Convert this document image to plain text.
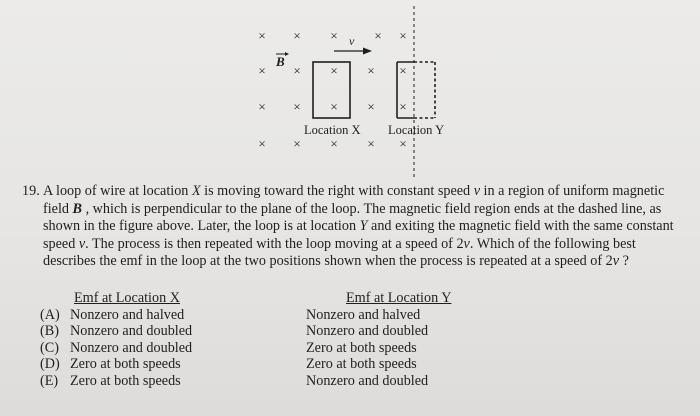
× × ×	× ×
× × × × ×
× × × × ×
× × × × ×
B
v
Location X Location Y
19. A loop of wire at location X is moving toward the right with constant speed v in a region of uniform magnetic field B , which is perpendicular to the plane of the loop. The magnetic field region ends at the dashed line, as shown in the figure above. Later, the loop is at location Y and exiting the magnetic field with the same constant speed v. The process is then repeated with the loop moving at a speed of 2v. Which of the following best describes the emf in the loop at the two positions shown when the process is repeated at a speed of 2v ?
Emf at Location X	Emf at Location Y
(A) Nonzero and halved	Nonzero and halved
(B) Nonzero and doubled	Nonzero and doubled
(C) Nonzero and doubled	Zero at both speeds
(D) Zero at both speeds	Zero at both speeds
(E) Zero at both speeds	Nonzero and doubled
